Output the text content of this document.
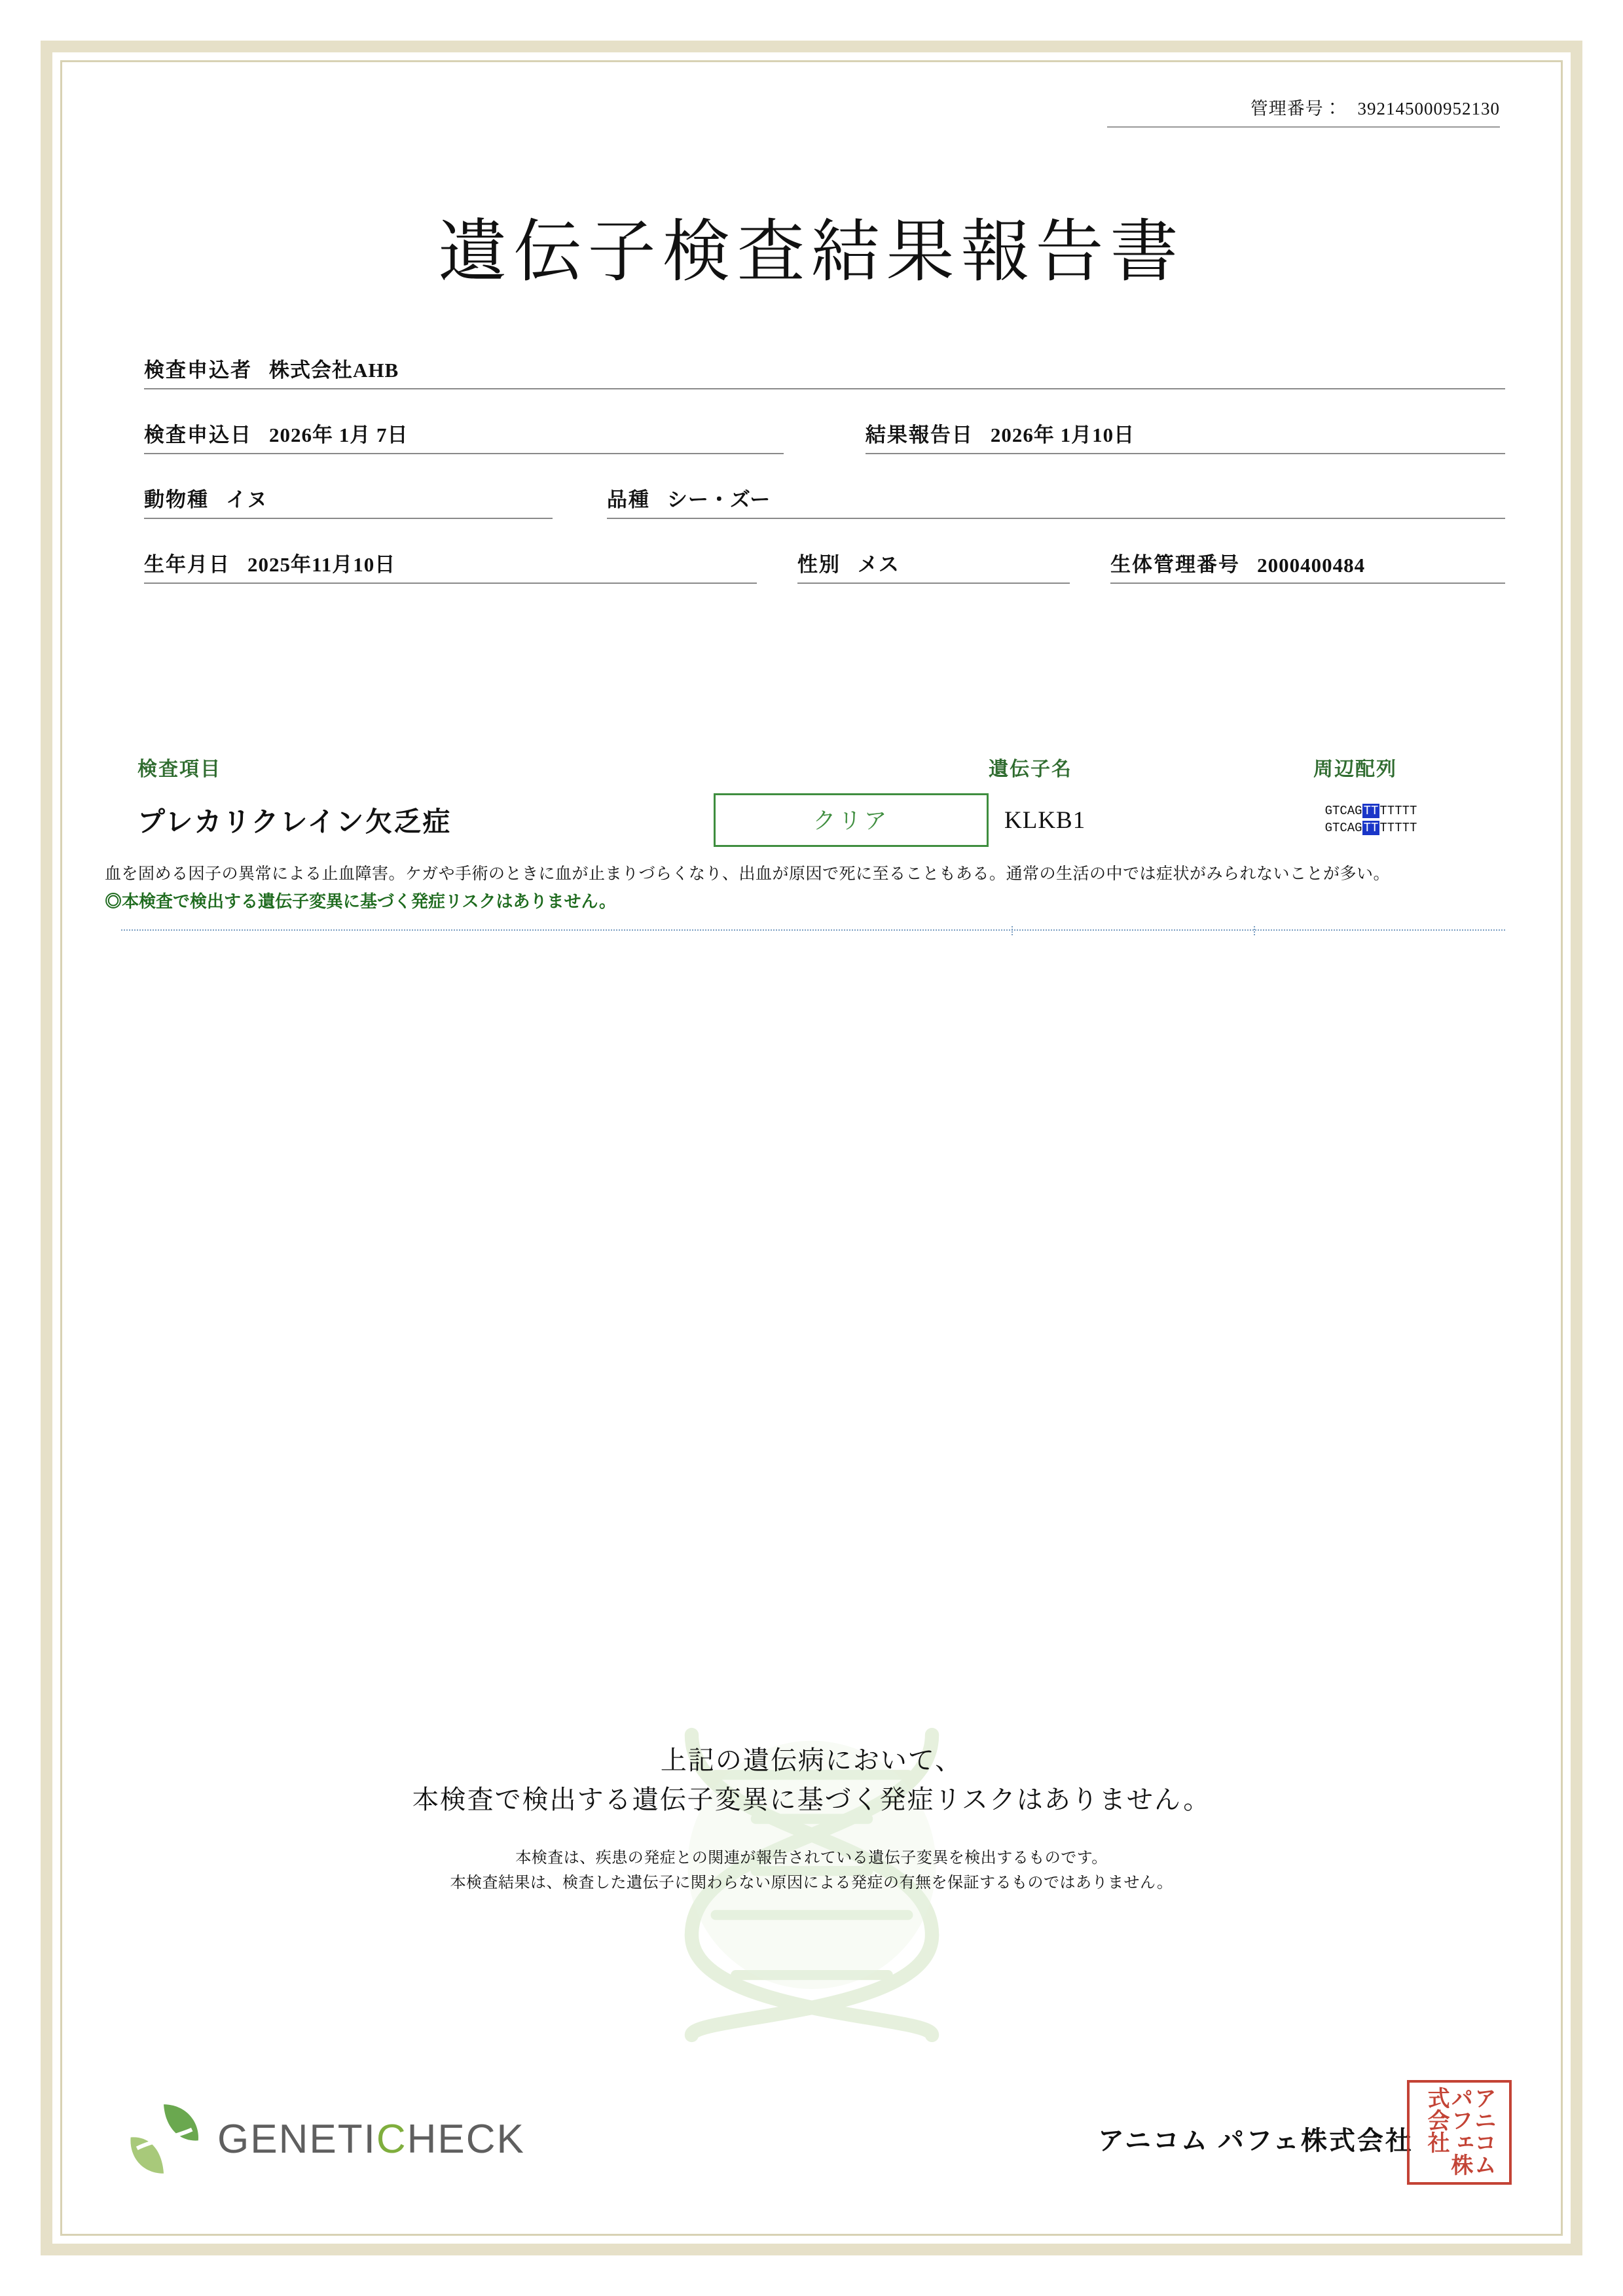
管理番号： 392145000952130
遺伝子検査結果報告書
検査申込者 株式会社AHB
検査申込日 2026年 1月 7日	結果報告日 2026年 1月10日
動物種 イヌ	品種 シー・ズー
生年月日 2025年11月10日	性別 メス	生体管理番号 2000400484
検査項目	遺伝子名	周辺配列
プレカリクレイン欠乏症	クリア	KLKB1	GTCAG TT TTTTT
GTCAG TT TTTTT
血を固める因子の異常による止血障害。ケガや手術のときに血が止まりづらくなり、出血が原因で死に至ることもある。通常の生活の中では症状がみられないことが多い。
◎本検査で検出する遺伝子変異に基づく発症リスクはありません。
上記の遺伝病において、
本検査で検出する遺伝子変異に基づく発症リスクはありません。
本検査は、疾患の発症との関連が報告されている遺伝子変異を検出するものです。
本検査結果は、検査した遺伝子に関わらない原因による発症の有無を保証するものではありません。
GENETICHECK	アニコム パフェ株式会社	アニコムパフェ株式会社
